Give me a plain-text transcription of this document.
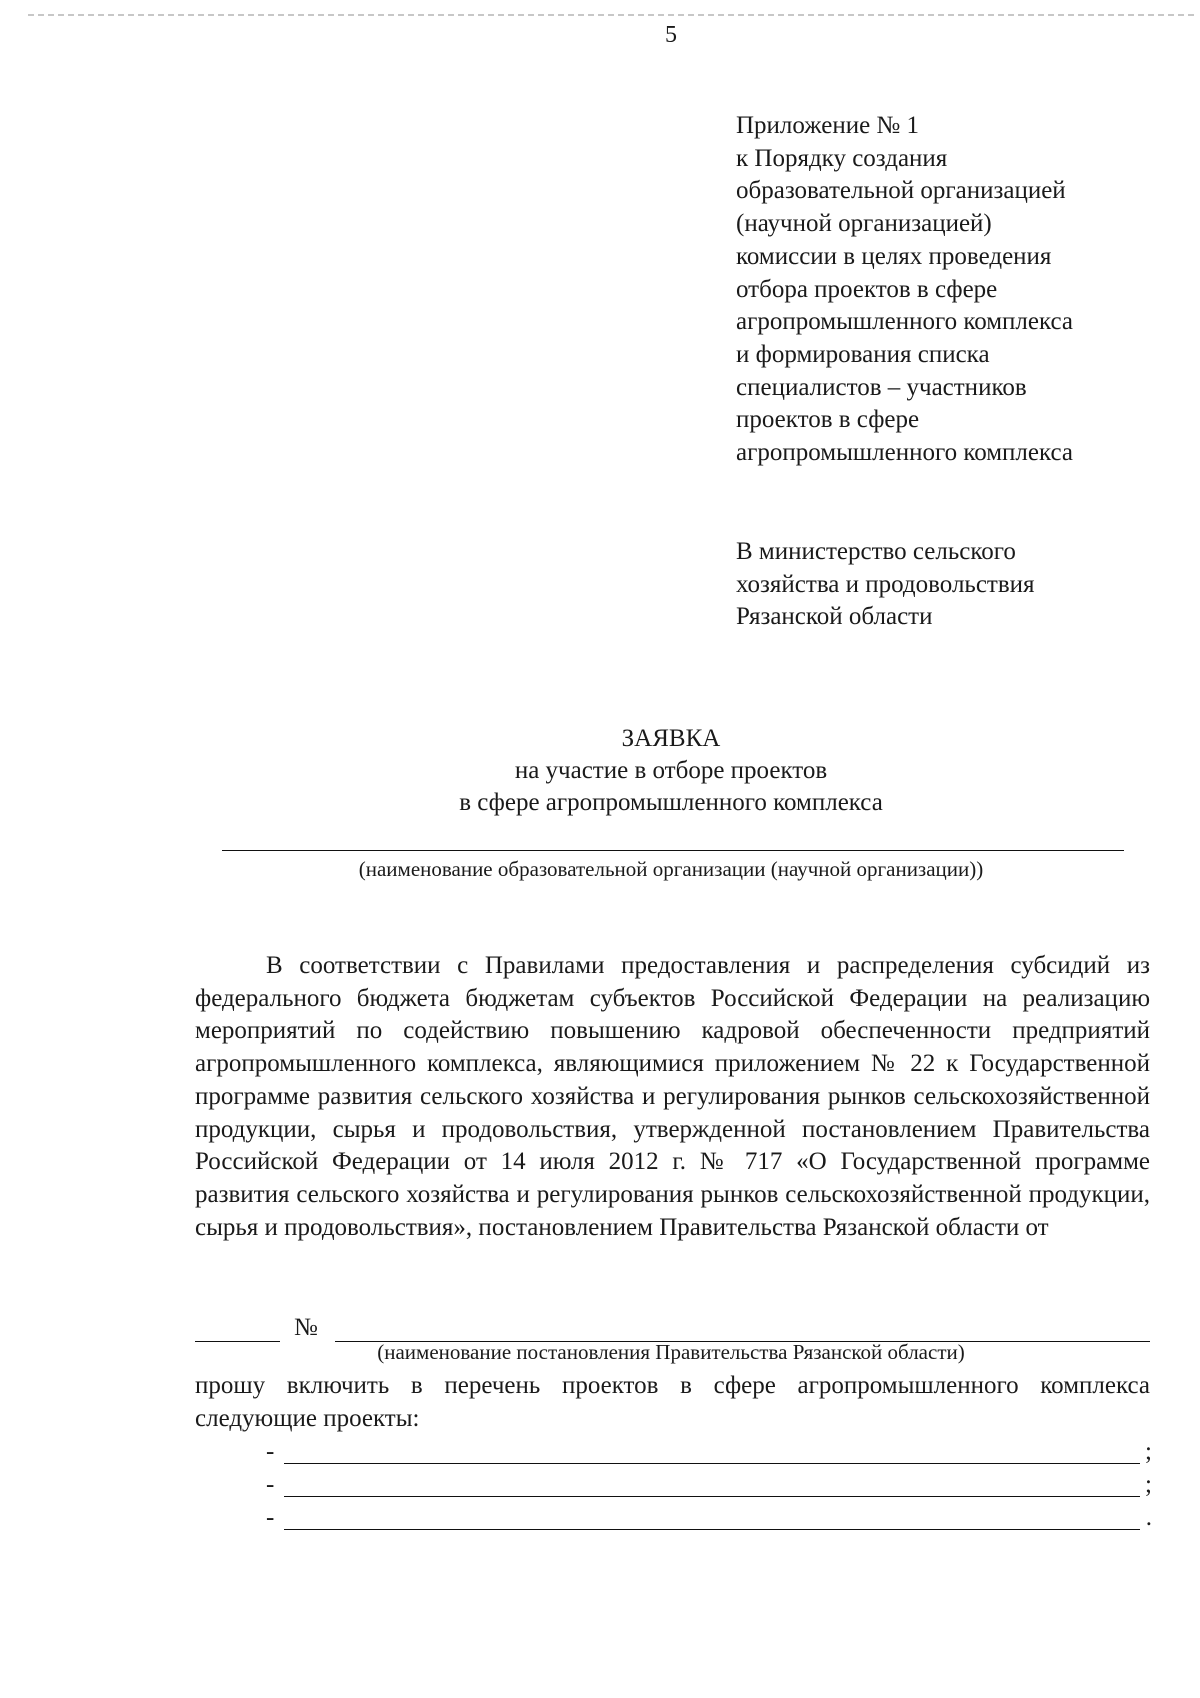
5
Приложение № 1
к Порядку создания
образовательной организацией
(научной организацией)
комиссии в целях проведения
отбора проектов в сфере
агропромышленного комплекса
и формирования списка
специалистов – участников
проектов в сфере
агропромышленного комплекса
В министерство сельского
хозяйства и продовольствия
Рязанской области
ЗАЯВКА
на участие в отборе проектов
в сфере агропромышленного комплекса
(наименование образовательной организации (научной организации))

В соответствии с Правилами предоставления и распределения субсидий из федерального бюджета бюджетам субъектов Российской Федерации на реализацию мероприятий по содействию повышению кадровой обеспеченности предприятий агропромышленного комплекса, являющимися приложением № 22 к Государственной программе развития сельского хозяйства и регулирования рынков сельскохозяйственной продукции, сырья и продовольствия, утвержденной постановлением Правительства Российской Федерации от 14 июля 2012 г. № 717 «О Государственной программе развития сельского хозяйства и регулирования рынков сельскохозяйственной продукции, сырья и продовольствия», постановлением Правительства Рязанской области от

№
(наименование постановления Правительства Рязанской области)

прошу включить в перечень проектов в сфере агропромышленного комплекса следующие проекты:

-	;
-	;
-	.
